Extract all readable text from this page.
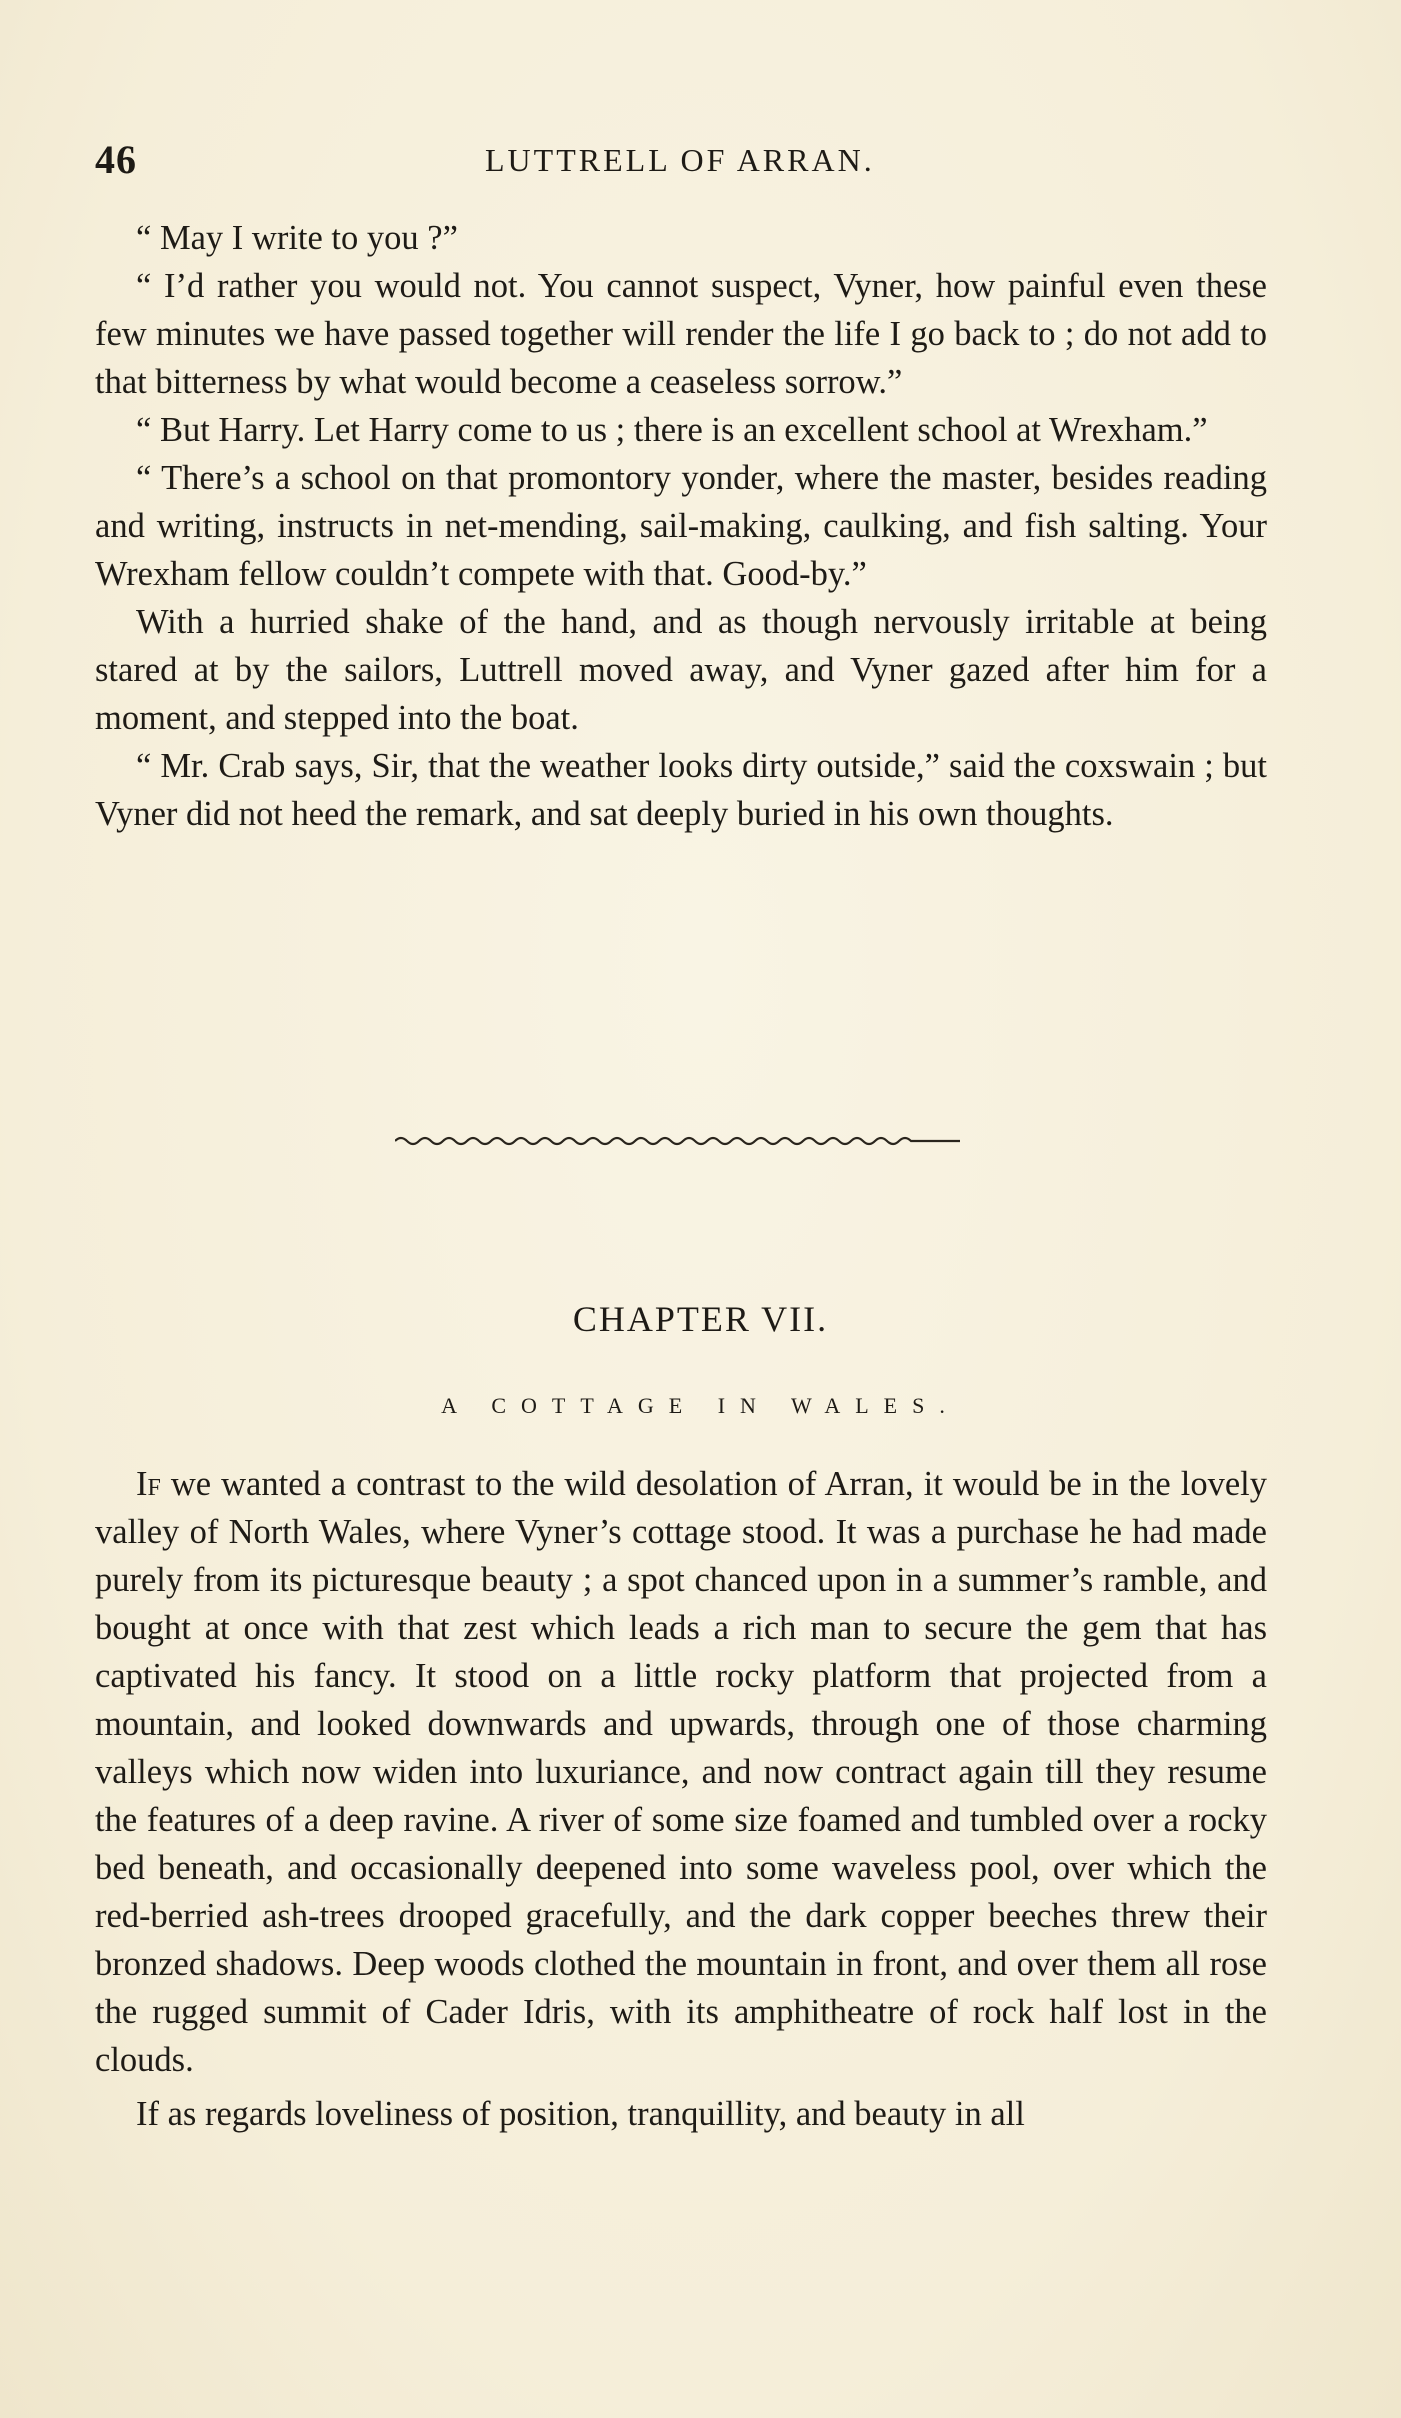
46	LUTTRELL OF ARRAN.

“ May I write to you ?”

“ I’d rather you would not. You cannot suspect, Vyner, how painful even these few minutes we have passed together will render the life I go back to ; do not add to that bitterness by what would become a ceaseless sorrow.”

“ But Harry. Let Harry come to us ; there is an excellent school at Wrexham.”

“ There’s a school on that promontory yonder, where the master, besides reading and writing, instructs in net-mending, sail-making, caulking, and fish salting. Your Wrexham fellow couldn’t compete with that. Good-by.”

With a hurried shake of the hand, and as though nervously irritable at being stared at by the sailors, Luttrell moved away, and Vyner gazed after him for a moment, and stepped into the boat.

“ Mr. Crab says, Sir, that the weather looks dirty outside,” said the coxswain ; but Vyner did not heed the remark, and sat deeply buried in his own thoughts.

CHAPTER VII.
A COTTAGE IN WALES.

If we wanted a contrast to the wild desolation of Arran, it would be in the lovely valley of North Wales, where Vyner’s cottage stood. It was a purchase he had made purely from its picturesque beauty ; a spot chanced upon in a summer’s ramble, and bought at once with that zest which leads a rich man to secure the gem that has captivated his fancy. It stood on a little rocky platform that projected from a mountain, and looked downwards and upwards, through one of those charming valleys which now widen into luxuriance, and now contract again till they resume the features of a deep ravine. A river of some size foamed and tumbled over a rocky bed beneath, and occasionally deepened into some waveless pool, over which the red-berried ash-trees drooped gracefully, and the dark copper beeches threw their bronzed shadows. Deep woods clothed the mountain in front, and over them all rose the rugged summit of Cader Idris, with its amphitheatre of rock half lost in the clouds.

If as regards loveliness of position, tranquillity, and beauty in all
